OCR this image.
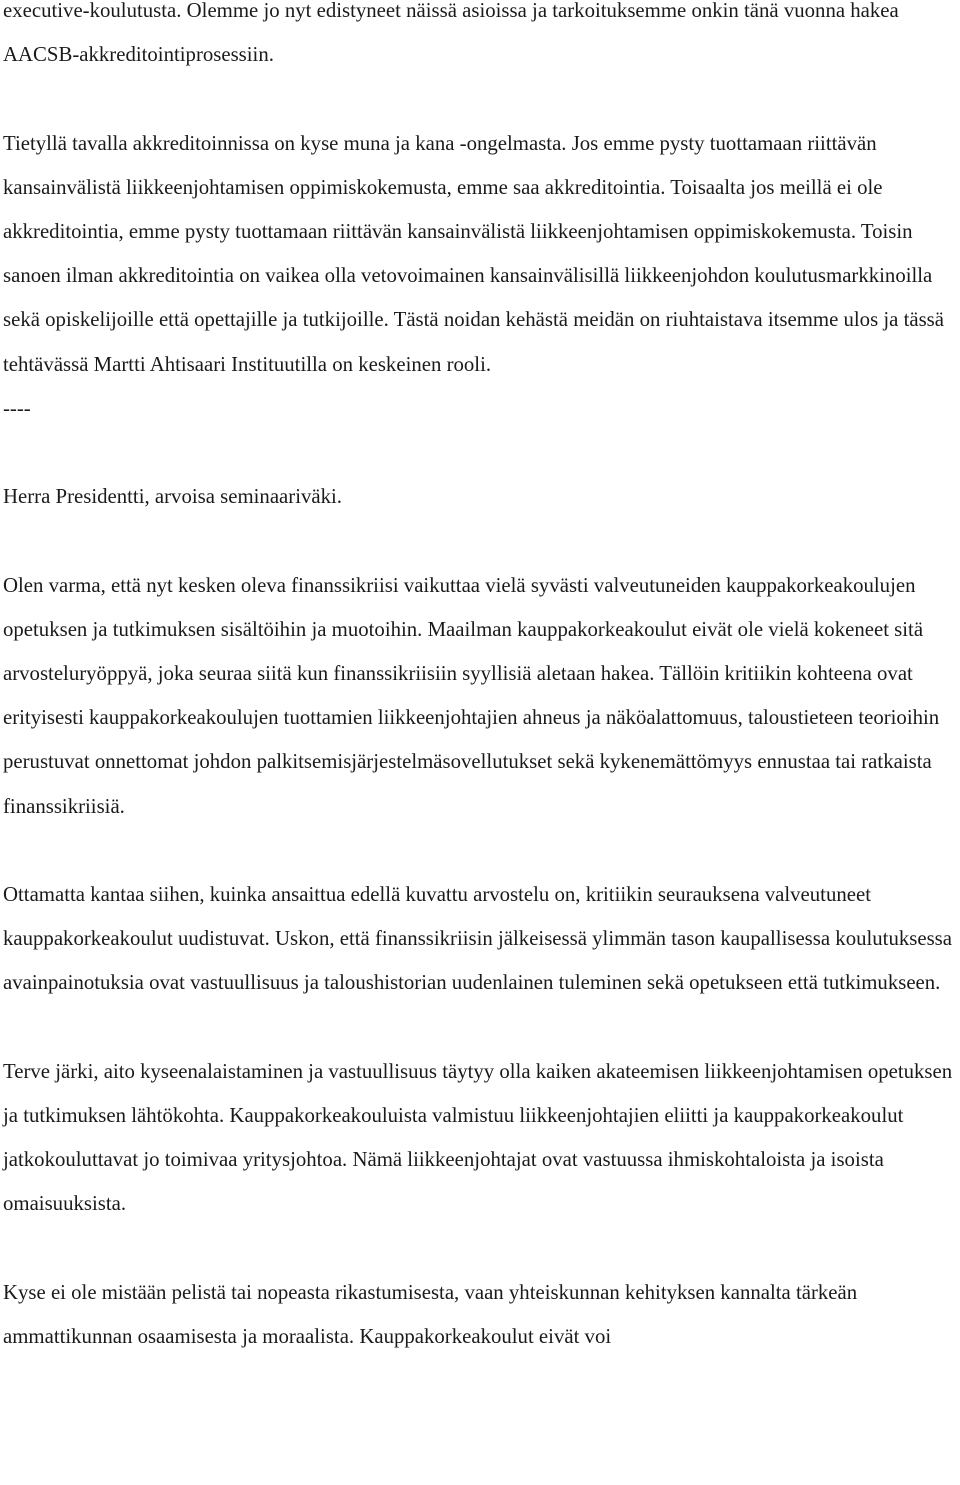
executive-koulutusta. Olemme jo nyt edistyneet näissä asioissa ja tarkoituksemme onkin tänä vuonna hakea AACSB-akkreditointiprosessiin.

Tietyllä tavalla akkreditoinnissa on kyse muna ja kana -ongelmasta. Jos emme pysty tuottamaan riittävän kansainvälistä liikkeenjohtamisen oppimiskokemusta, emme saa akkreditointia. Toisaalta jos meillä ei ole akkreditointia, emme pysty tuottamaan riittävän kansainvälistä liikkeenjohtamisen oppimiskokemusta. Toisin sanoen ilman akkreditointia on vaikea olla vetovoimainen kansainvälisillä liikkeenjohdon koulutusmarkkinoilla sekä opiskelijoille että opettajille ja tutkijoille. Tästä noidan kehästä meidän on riuhtaistava itsemme ulos ja tässä tehtävässä Martti Ahtisaari Instituutilla on keskeinen rooli.

----

Herra Presidentti, arvoisa seminaariväki.

Olen varma, että nyt kesken oleva finanssikriisi vaikuttaa vielä syvästi valveutuneiden kauppakorkeakoulujen opetuksen ja tutkimuksen sisältöihin ja muotoihin. Maailman kauppakorkeakoulut eivät ole vielä kokeneet sitä arvosteluryöppyä, joka seuraa siitä kun finanssikriisiin syyllisiä aletaan hakea. Tällöin kritiikin kohteena ovat erityisesti kauppakorkeakoulujen tuottamien liikkeenjohtajien ahneus ja näköalattomuus, taloustieteen teorioihin perustuvat onnettomat johdon palkitsemisjärjestelmäsovellutukset sekä kykenemättömyys ennustaa tai ratkaista finanssikriisiä.

Ottamatta kantaa siihen, kuinka ansaittua edellä kuvattu arvostelu on, kritiikin seurauksena valveutuneet kauppakorkeakoulut uudistuvat. Uskon, että finanssikriisin jälkeisessä ylimmän tason kaupallisessa koulutuksessa avainpainotuksia ovat vastuullisuus ja taloushistorian uudenlainen tuleminen sekä opetukseen että tutkimukseen.

Terve järki, aito kyseenalaistaminen ja vastuullisuus täytyy olla kaiken akateemisen liikkeenjohtamisen opetuksen ja tutkimuksen lähtökohta. Kauppakorkeakouluista valmistuu liikkeenjohtajien eliitti ja kauppakorkeakoulut jatkokouluttavat jo toimivaa yritysjohtoa. Nämä liikkeenjohtajat ovat vastuussa ihmiskohtaloista ja isoista omaisuuksista.

Kyse ei ole mistään pelistä tai nopeasta rikastumisesta, vaan yhteiskunnan kehityksen kannalta tärkeän ammattikunnan osaamisesta ja moraalista. Kauppakorkeakoulut eivät voi
